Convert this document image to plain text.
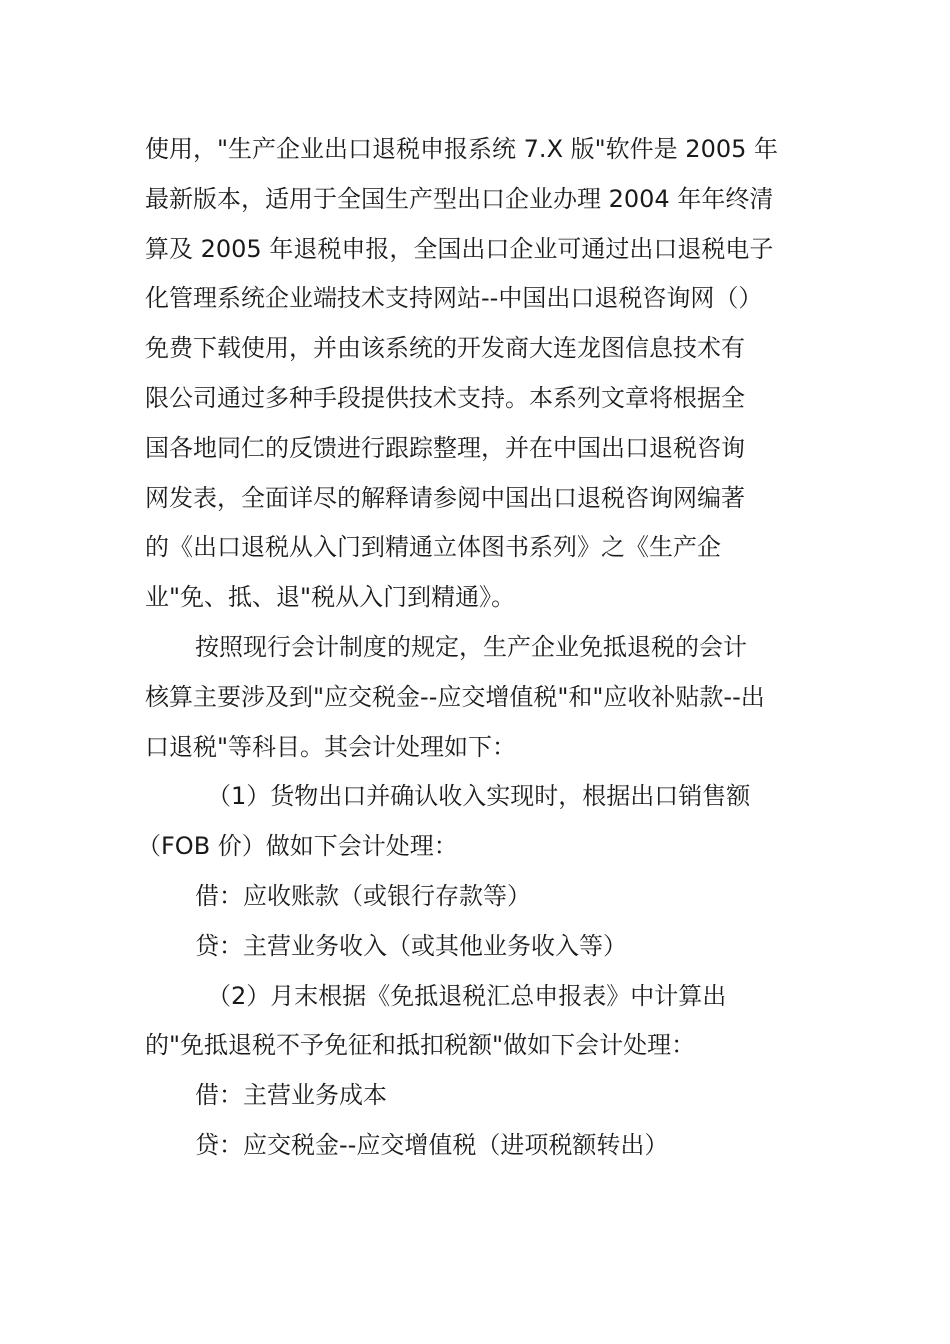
使用，"生产企业出口退税申报系统 7.X 版"软件是 2005 年
最新版本，适用于全国生产型出口企业办理 2004 年年终清
算及 2005 年退税申报，全国出口企业可通过出口退税电子
化管理系统企业端技术支持网站--中国出口退税咨询网（）
免费下载使用，并由该系统的开发商大连龙图信息技术有
限公司通过多种手段提供技术支持。本系列文章将根据全
国各地同仁的反馈进行跟踪整理，并在中国出口退税咨询
网发表，全面详尽的解释请参阅中国出口退税咨询网编著
的《出口退税从入门到精通立体图书系列》之《生产企
业"免、抵、退"税从入门到精通》。
按照现行会计制度的规定，生产企业免抵退税的会计
核算主要涉及到"应交税金--应交增值税"和"应收补贴款--出
口退税"等科目。其会计处理如下：
（1）货物出口并确认收入实现时，根据出口销售额
（FOB 价）做如下会计处理：
借：应收账款（或银行存款等）
贷：主营业务收入（或其他业务收入等）
（2）月末根据《免抵退税汇总申报表》中计算出
的"免抵退税不予免征和抵扣税额"做如下会计处理：
借：主营业务成本
贷：应交税金--应交增值税（进项税额转出）
